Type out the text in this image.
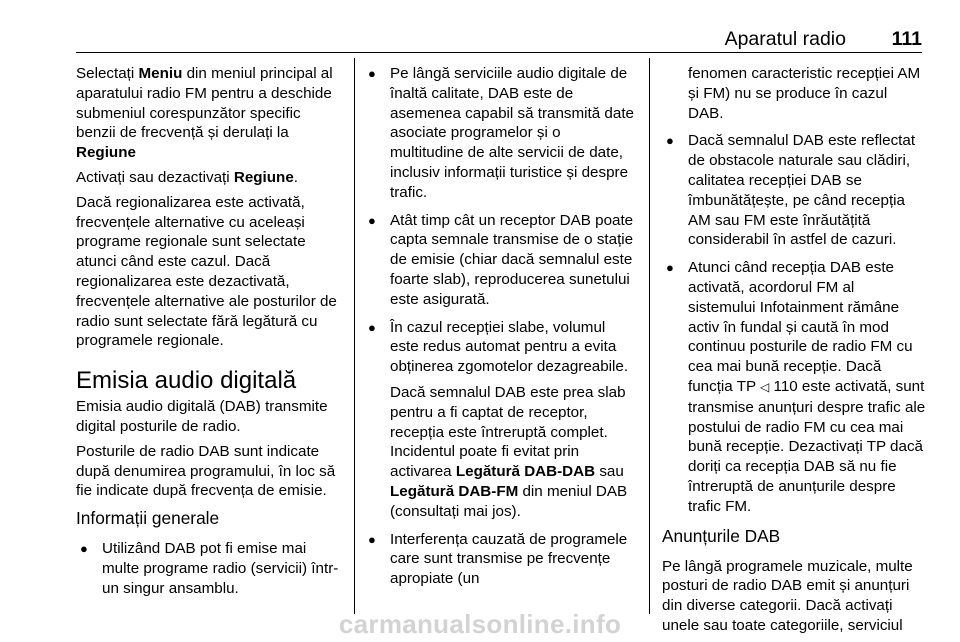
Aparatul radio 111

Selectați Meniu din meniul principal al aparatului radio FM pentru a deschide submeniul corespunzător specific benzii de frecvență și derulați la Regiune

Activați sau dezactivați Regiune.

Dacă regionalizarea este activată, frecvențele alternative cu aceleași programe regionale sunt selectate atunci când este cazul. Dacă regionalizarea este dezactivată, frecvențele alternative ale posturilor de radio sunt selectate fără legătură cu programele regionale.

Emisia audio digitală

Emisia audio digitală (DAB) transmite digital posturile de radio.

Posturile de radio DAB sunt indicate după denumirea programului, în loc să fie indicate după frecvența de emisie.

Informații generale
● Utilizând DAB pot fi emise mai multe programe radio (servicii) într-un singur ansamblu.
● Pe lângă serviciile audio digitale de înaltă calitate, DAB este de asemenea capabil să transmită date asociate programelor și o multitudine de alte servicii de date, inclusiv informații turistice și despre trafic.
● Atât timp cât un receptor DAB poate capta semnale transmise de o stație de emisie (chiar dacă semnalul este foarte slab), reproducerea sunetului este asigurată.
● În cazul recepției slabe, volumul este redus automat pentru a evita obținerea zgomotelor dezagreabile.

Dacă semnalul DAB este prea slab pentru a fi captat de receptor, recepția este întreruptă complet. Incidentul poate fi evitat prin activarea Legătură DAB-DAB sau Legătură DAB-FM din meniul DAB (consultați mai jos).

● Interferența cauzată de programele care sunt transmise pe frecvențe apropiate (un

fenomen caracteristic recepției AM și FM) nu se produce în cazul DAB.

● Dacă semnalul DAB este reflectat de obstacole naturale sau clădiri, calitatea recepției DAB se îmbunătățește, pe când recepția AM sau FM este înrăutățită considerabil în astfel de cazuri.
● Atunci când recepția DAB este activată, acordorul FM al sistemului Infotainment rămâne activ în fundal și caută în mod continuu posturile de radio FM cu cea mai bună recepție. Dacă funcția TP ◁ 110 este activată, sunt transmise anunțuri despre trafic ale postului de radio FM cu cea mai bună recepție. Dezactivați TP dacă doriți ca recepția DAB să nu fie întreruptă de anunțurile despre trafic FM.
Anunțurile DAB

Pe lângă programele muzicale, multe posturi de radio DAB emit și anunțuri din diverse categorii. Dacă activați unele sau toate categoriile, serviciul

carmanualsonline.info
